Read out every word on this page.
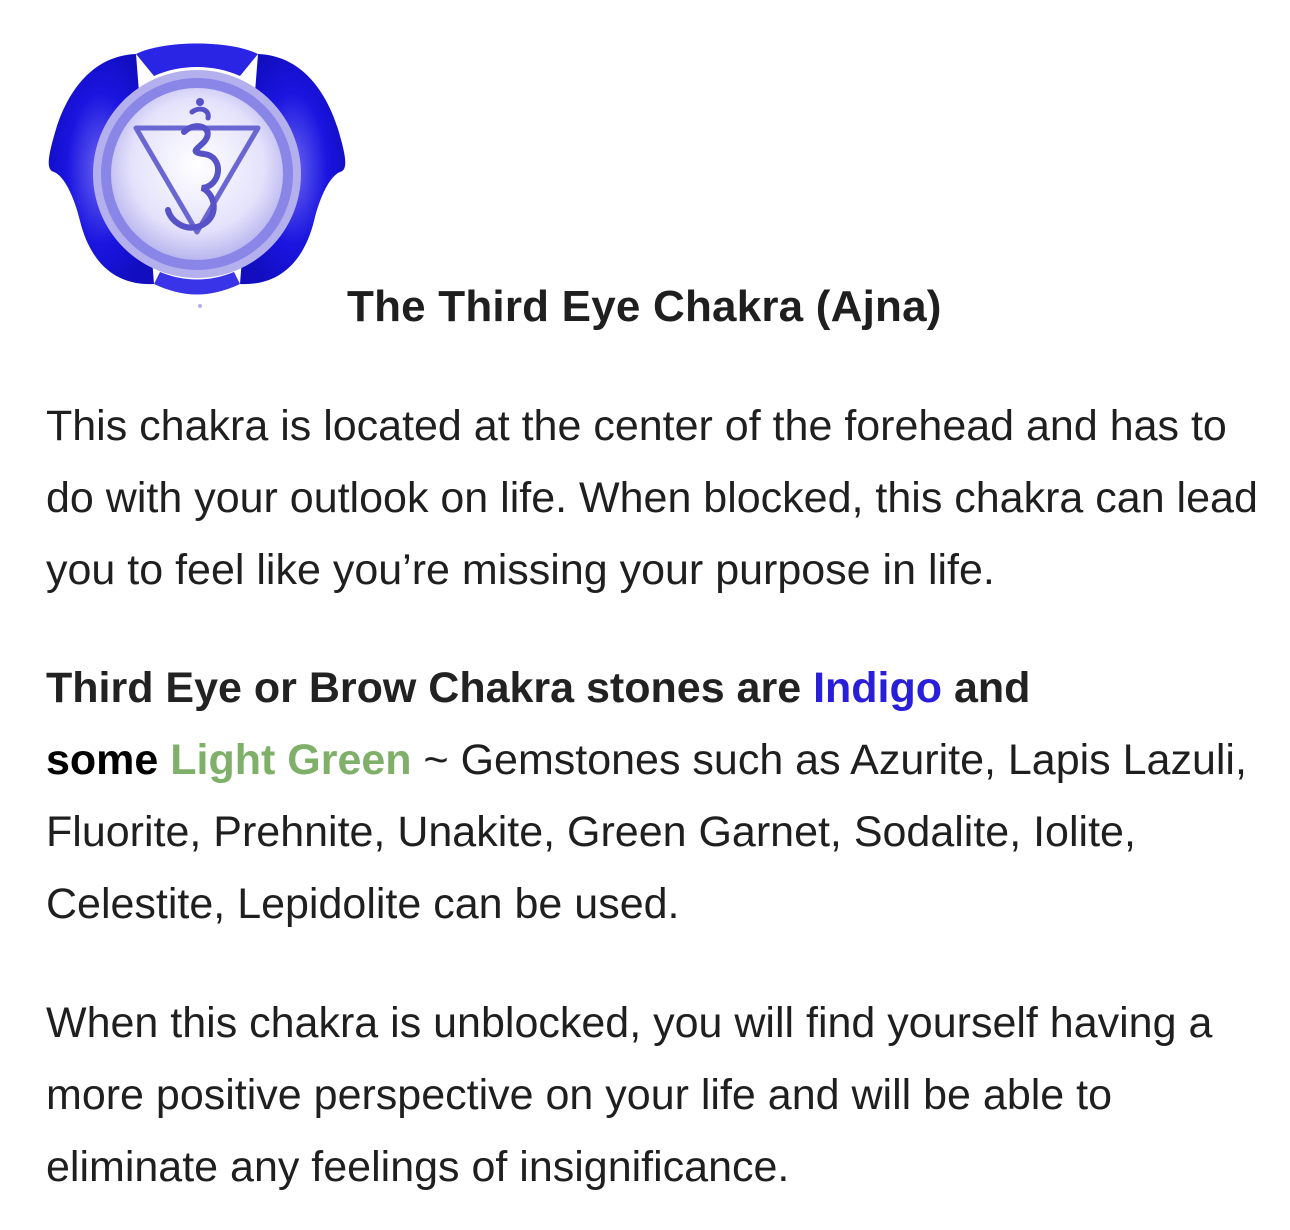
The Third Eye Chakra (Ajna)

This chakra is located at the center of the forehead and has to do with your outlook on life. When blocked, this chakra can lead you to feel like you’re missing your purpose in life.

Third Eye or Brow Chakra stones are Indigo and
some Light Green ~ Gemstones such as Azurite, Lapis Lazuli, Fluorite, Prehnite, Unakite, Green Garnet, Sodalite, Iolite, Celestite, Lepidolite can be used.

When this chakra is unblocked, you will find yourself having a more positive perspective on your life and will be able to eliminate any feelings of insignificance.
